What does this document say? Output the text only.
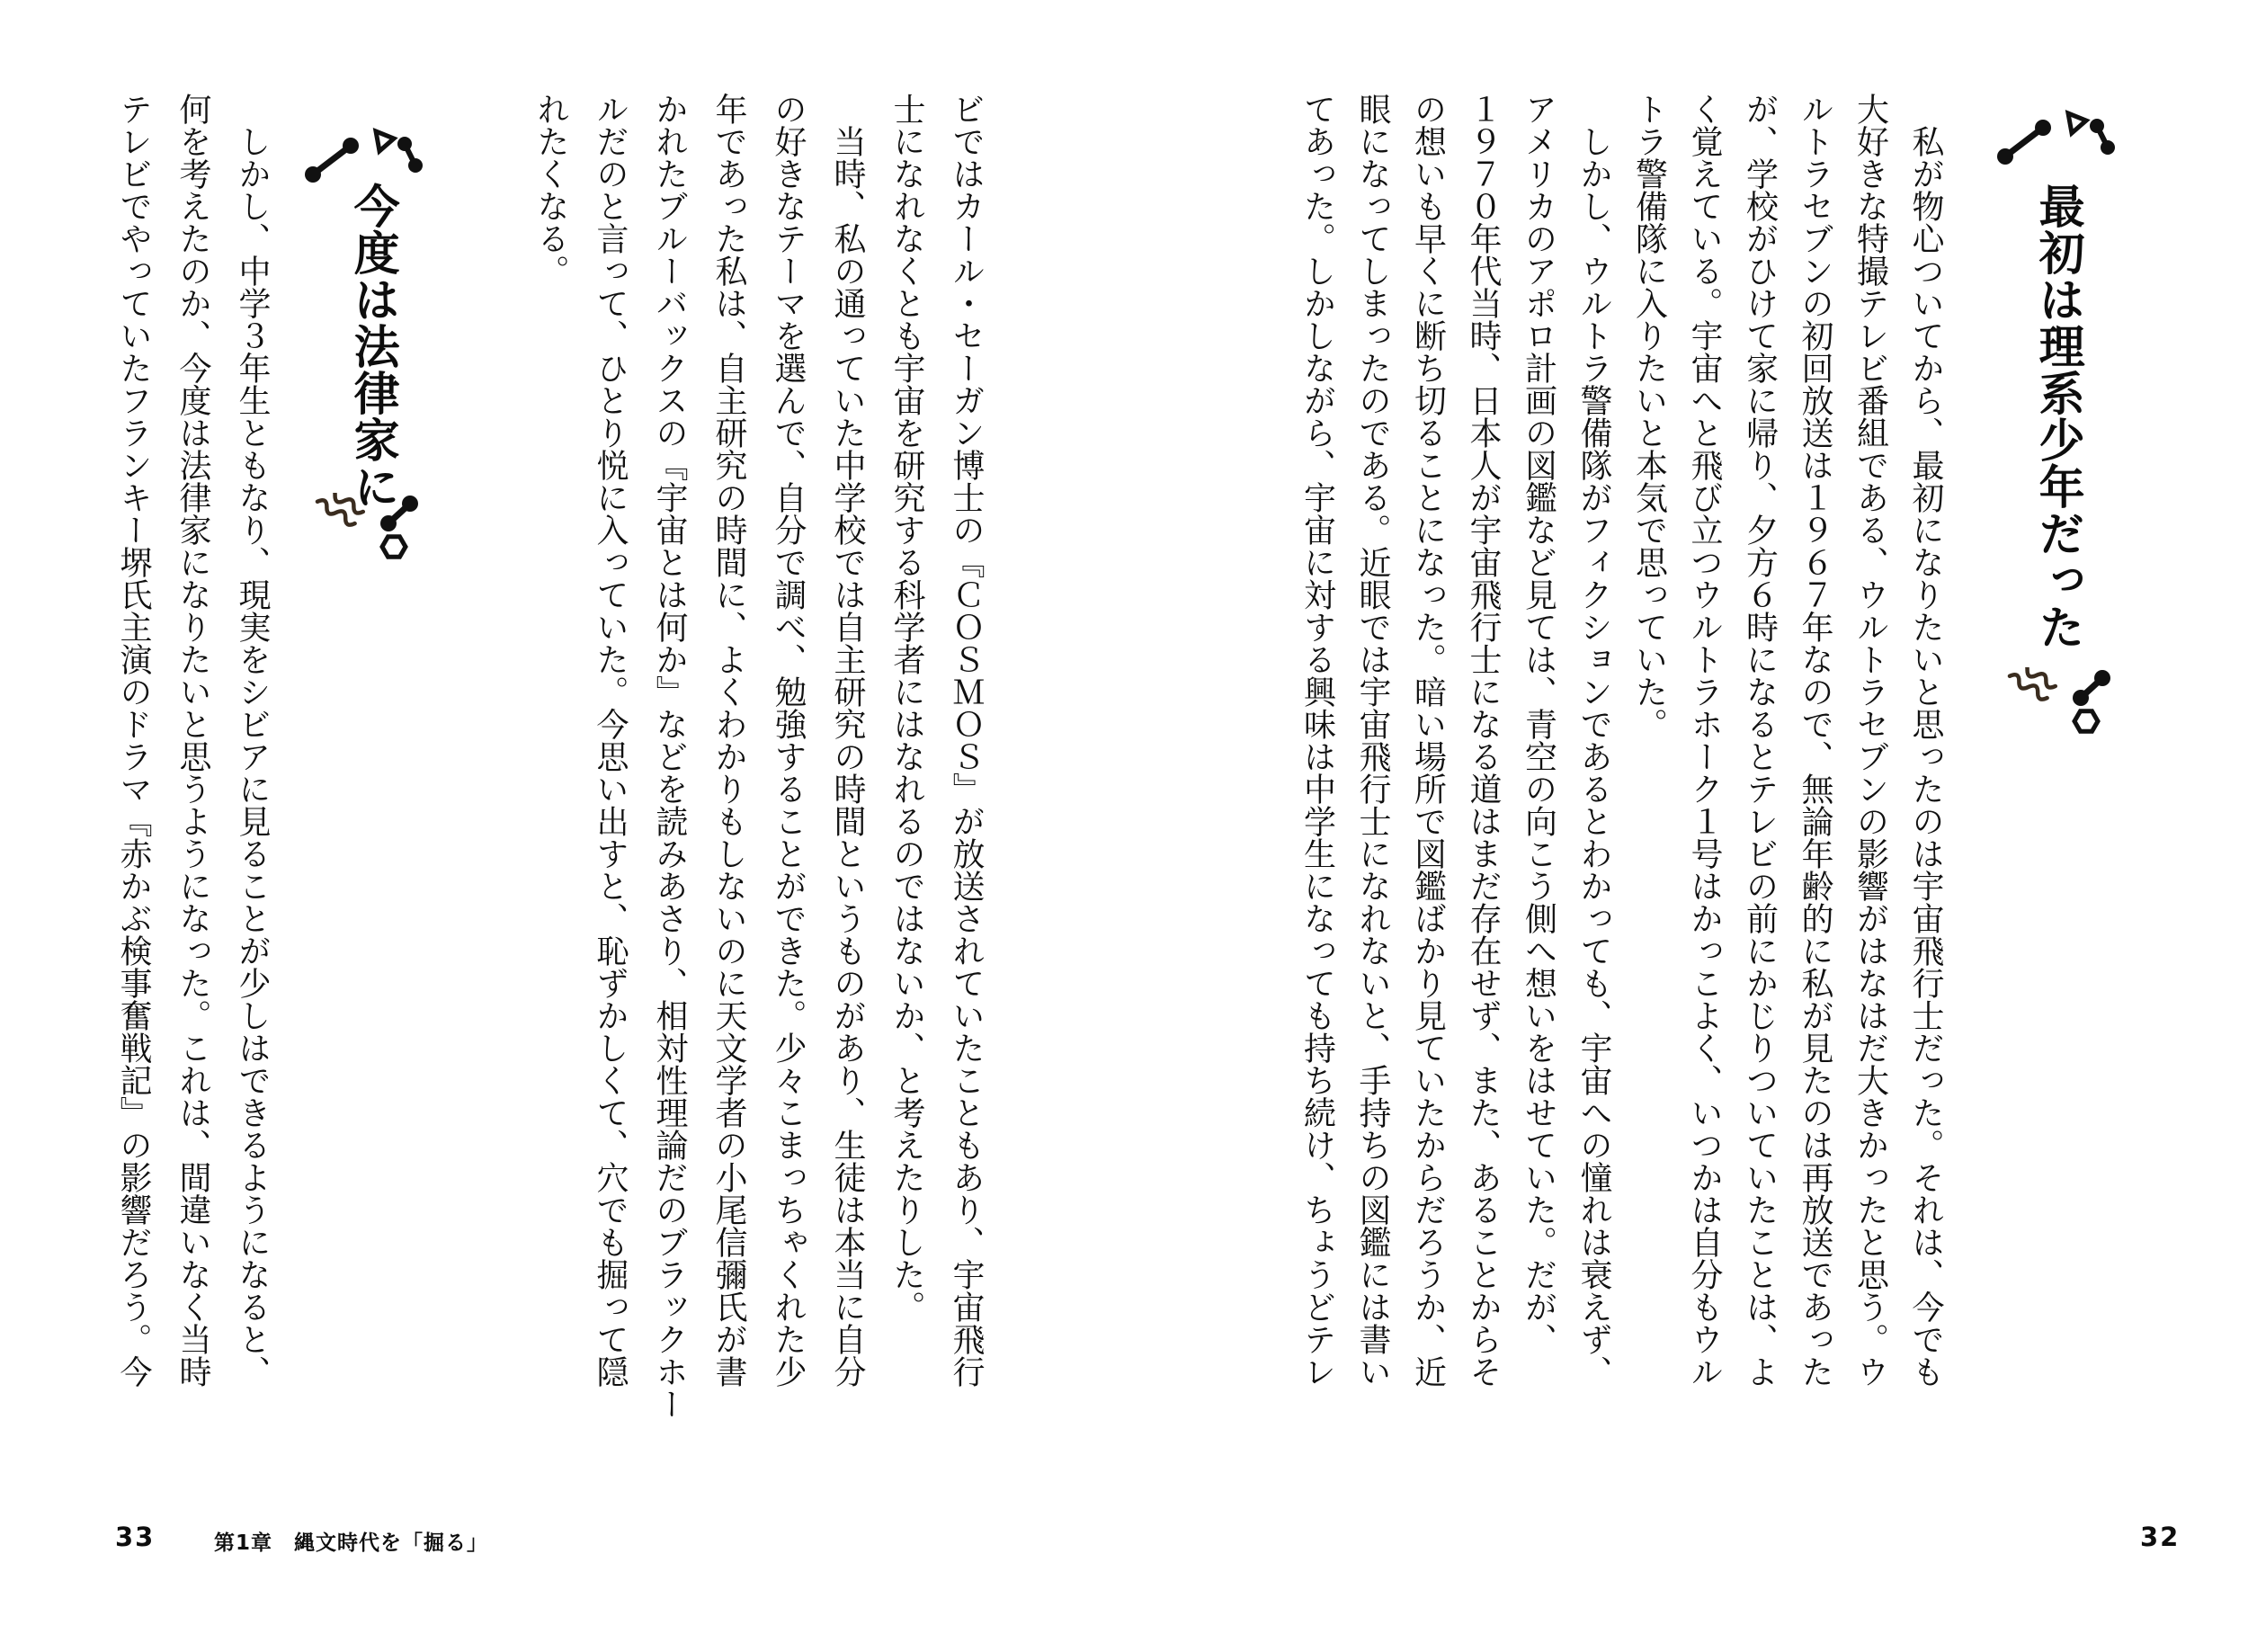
最初は理系少年だった
私が物心ついてから、最初になりたいと思ったのは宇宙飛行士だった。それは、今でも
大好きな特撮テレビ番組である、ウルトラセブンの影響がはなはだ大きかったと思う。ウ
ルトラセブンの初回放送は１９６７年なので、無論年齢的に私が見たのは再放送であった
が、学校がひけて家に帰り、夕方６時になるとテレビの前にかじりついていたことは、よ
く覚えている。宇宙へと飛び立つウルトラホーク１号はかっこよく、いつかは自分もウル
トラ警備隊に入りたいと本気で思っていた。
しかし、ウルトラ警備隊がフィクションであるとわかっても、宇宙への憧れは衰えず、
アメリカのアポロ計画の図鑑など見ては、青空の向こう側へ想いをはせていた。だが、
１９７０年代当時、日本人が宇宙飛行士になる道はまだ存在せず、また、あることからそ
の想いも早くに断ち切ることになった。暗い場所で図鑑ばかり見ていたからだろうか、近
眼になってしまったのである。近眼では宇宙飛行士になれないと、手持ちの図鑑には書い
てあった。しかしながら、宇宙に対する興味は中学生になっても持ち続け、ちょうどテレ
32
ビではカール・セーガン博士の『ＣＯＳＭＯＳ』が放送されていたこともあり、宇宙飛行
士になれなくとも宇宙を研究する科学者にはなれるのではないか、と考えたりした。
当時、私の通っていた中学校では自主研究の時間というものがあり、生徒は本当に自分
の好きなテーマを選んで、自分で調べ、勉強することができた。少々こまっちゃくれた少
年であった私は、自主研究の時間に、よくわかりもしないのに天文学者の小尾信彌氏が書
かれたブルーバックスの『宇宙とは何か』などを読みあさり、相対性理論だのブラックホー
ルだのと言って、ひとり悦に入っていた。今思い出すと、恥ずかしくて、穴でも掘って隠
れたくなる。
今度は法律家に
しかし、中学３年生ともなり、現実をシビアに見ることが少しはできるようになると、
何を考えたのか、今度は法律家になりたいと思うようになった。これは、間違いなく当時
テレビでやっていたフランキー堺氏主演のドラマ『赤かぶ検事奮戦記』の影響だろう。今
33	第1章　縄文時代を「掘る」
